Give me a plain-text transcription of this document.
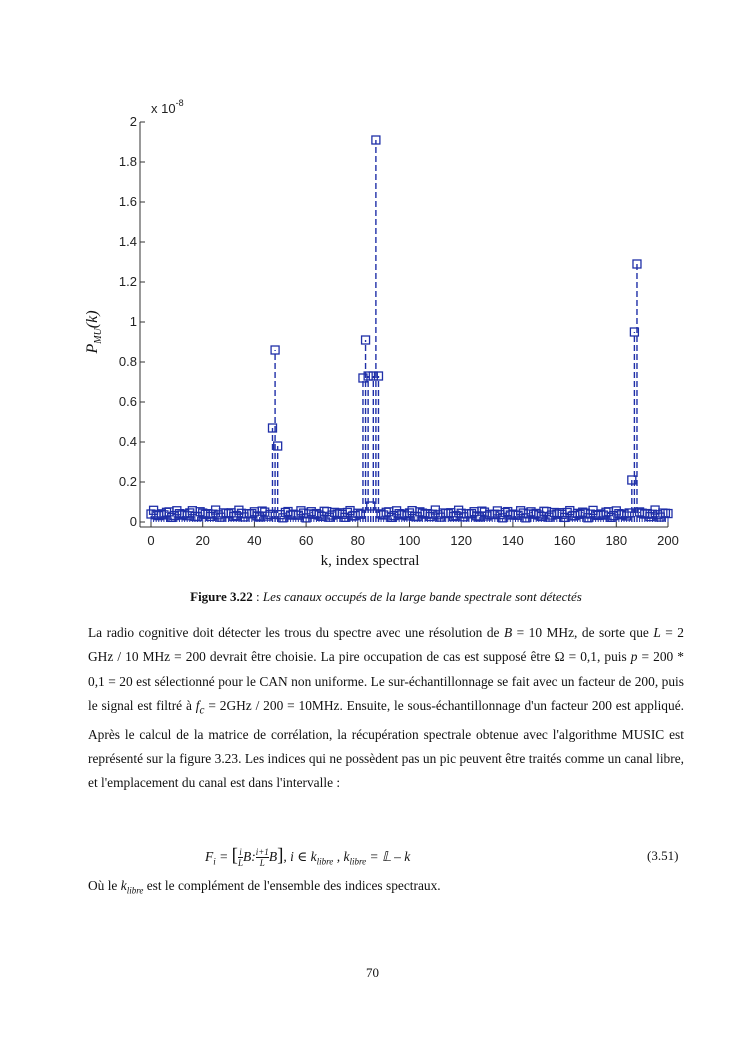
0	20	40	60	80	100 120 140 160 180 200
0
0.2
0.4
0.6
0.8
1
1.2
1.4
1.6
1.8
2
x $10^{-8}$
k, index spectral
$P_{MU}(k)$
Figure 3.22 : Les canaux occupés de la large bande spectrale sont détectés
La radio cognitive doit détecter les trous du spectre avec une résolution de B = 10 MHz, de sorte que L = 2 GHz / 10 MHz = 200 devrait être choisie. La pire occupation de cas est supposé être Ω = 0,1, puis p = 200 * 0,1 = 20 est sélectionné pour le CAN non uniforme. Le sur-échantillonnage se fait avec un facteur de 200, puis le signal est filtré à $f_c = 2GHz / 200 = 10MHz$. Ensuite, le sous-échantillonnage d'un facteur 200 est appliqué. Après le calcul de la matrice de corrélation, la récupération spectrale obtenue avec l'algorithme MUSIC est représenté sur la figure 3.23. Les indices qui ne possèdent pas un pic peuvent être traités comme un canal libre, et l'emplacement du canal est dans l'intervalle :
$F_i$ = [ $\frac{i}{L} B$: $\frac{i+1}{L} B$], i ∈ $k_{libre}$ , $k_{libre}$ = 𝕃 – k	(3.51)
Où le $k_{libre}$ est le complément de l'ensemble des indices spectraux.
70
